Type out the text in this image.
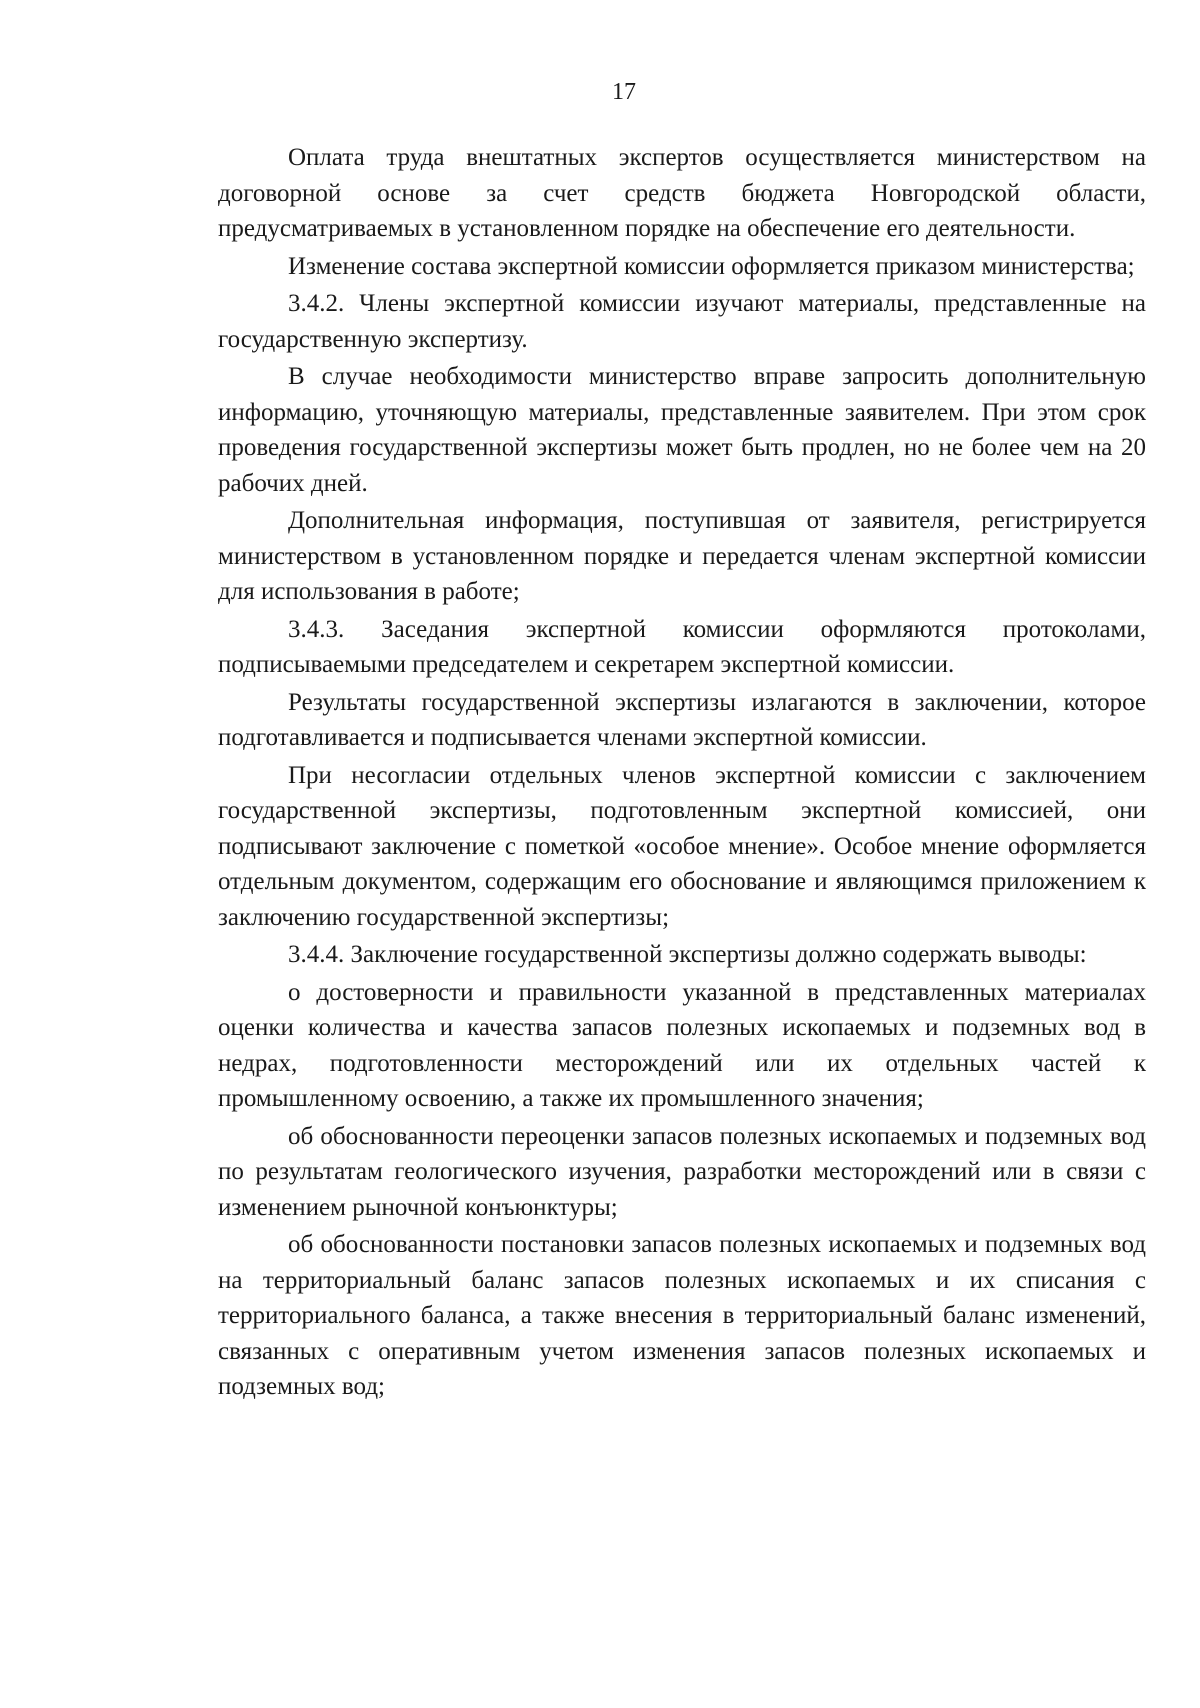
17

Оплата труда внештатных экспертов осуществляется министерством на договорной основе за счет средств бюджета Новгородской области, предусматриваемых в установленном порядке на обеспечение его деятельности.

Изменение состава экспертной комиссии оформляется приказом министерства;

3.4.2. Члены экспертной комиссии изучают материалы, представленные на государственную экспертизу.

В случае необходимости министерство вправе запросить дополнительную информацию, уточняющую материалы, представленные заявителем. При этом срок проведения государственной экспертизы может быть продлен, но не более чем на 20 рабочих дней.

Дополнительная информация, поступившая от заявителя, регистрируется министерством в установленном порядке и передается членам экспертной комиссии для использования в работе;

3.4.3. Заседания экспертной комиссии оформляются протоколами, подписываемыми председателем и секретарем экспертной комиссии.

Результаты государственной экспертизы излагаются в заключении, которое подготавливается и подписывается членами экспертной комиссии.

При несогласии отдельных членов экспертной комиссии с заключением государственной экспертизы, подготовленным экспертной комиссией, они подписывают заключение с пометкой «особое мнение». Особое мнение оформляется отдельным документом, содержащим его обоснование и являющимся приложением к заключению государственной экспертизы;

3.4.4. Заключение государственной экспертизы должно содержать выводы:

о достоверности и правильности указанной в представленных материалах оценки количества и качества запасов полезных ископаемых и подземных вод в недрах, подготовленности месторождений или их отдельных частей к промышленному освоению, а также их промышленного значения;

об обоснованности переоценки запасов полезных ископаемых и подземных вод по результатам геологического изучения, разработки месторождений или в связи с изменением рыночной конъюнктуры;

об обоснованности постановки запасов полезных ископаемых и подземных вод на территориальный баланс запасов полезных ископаемых и их списания с территориального баланса, а также внесения в территориальный баланс изменений, связанных с оперативным учетом изменения запасов полезных ископаемых и подземных вод;
